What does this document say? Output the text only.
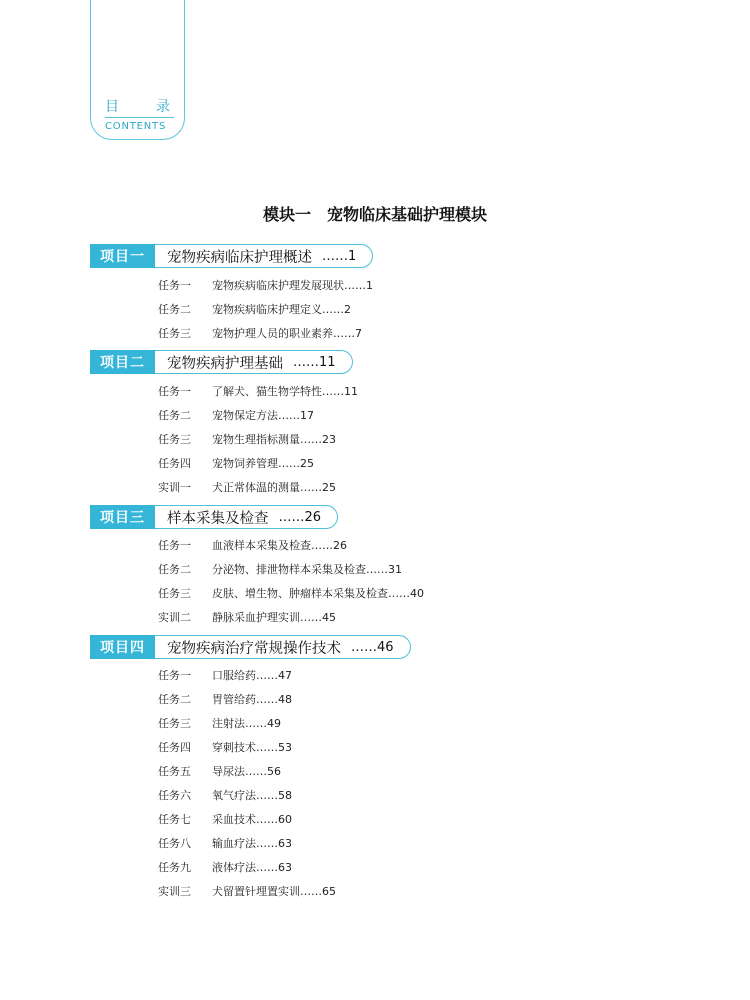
目	录
CONTENTS
模块一　宠物临床基础护理模块
项目一	宠物疾病临床护理概述 ……1
任务一	宠物疾病临床护理发展现状……1
任务二	宠物疾病临床护理定义……2
任务三	宠物护理人员的职业素养……7
项目二	宠物疾病护理基础 ……11
任务一	了解犬、猫生物学特性……11
任务二	宠物保定方法……17
任务三	宠物生理指标测量……23
任务四	宠物饲养管理……25
实训一	犬正常体温的测量……25
项目三	样本采集及检查 ……26
任务一	血液样本采集及检查……26
任务二	分泌物、排泄物样本采集及检查……31
任务三	皮肤、增生物、肿瘤样本采集及检查……40
实训二	静脉采血护理实训……45
项目四	宠物疾病治疗常规操作技术 ……46
任务一	口服给药……47
任务二	胃管给药……48
任务三	注射法……49
任务四	穿刺技术……53
任务五	导尿法……56
任务六	氧气疗法……58
任务七	采血技术……60
任务八	输血疗法……63
任务九	液体疗法……63
实训三	犬留置针埋置实训……65
